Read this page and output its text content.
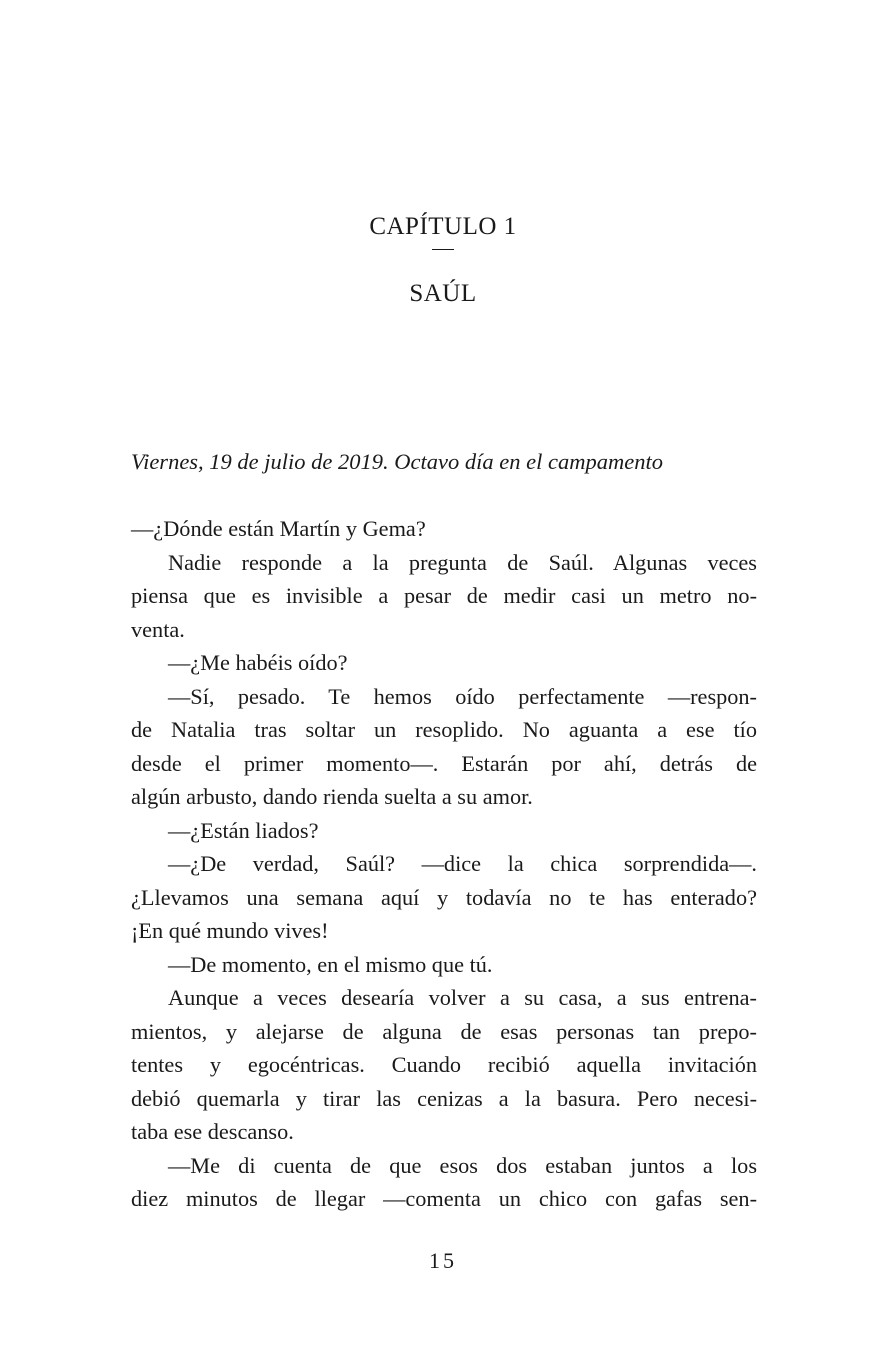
CAPÍTULO 1
SAÚL
Viernes, 19 de julio de 2019. Octavo día en el campamento
—¿Dónde están Martín y Gema?
Nadie responde a la pregunta de Saúl. Algunas veces
piensa que es invisible a pesar de medir casi un metro no-
venta.
—¿Me habéis oído?
—Sí, pesado. Te hemos oído perfectamente —respon-
de Natalia tras soltar un resoplido. No aguanta a ese tío
desde el primer momento—. Estarán por ahí, detrás de
algún arbusto, dando rienda suelta a su amor.
—¿Están liados?
—¿De verdad, Saúl? —dice la chica sorprendida—.
¿Llevamos una semana aquí y todavía no te has enterado?
¡En qué mundo vives!
—De momento, en el mismo que tú.
Aunque a veces desearía volver a su casa, a sus entrena-
mientos, y alejarse de alguna de esas personas tan prepo-
tentes y egocéntricas. Cuando recibió aquella invitación
debió quemarla y tirar las cenizas a la basura. Pero necesi-
taba ese descanso.
—Me di cuenta de que esos dos estaban juntos a los
diez minutos de llegar —comenta un chico con gafas sen-
15
